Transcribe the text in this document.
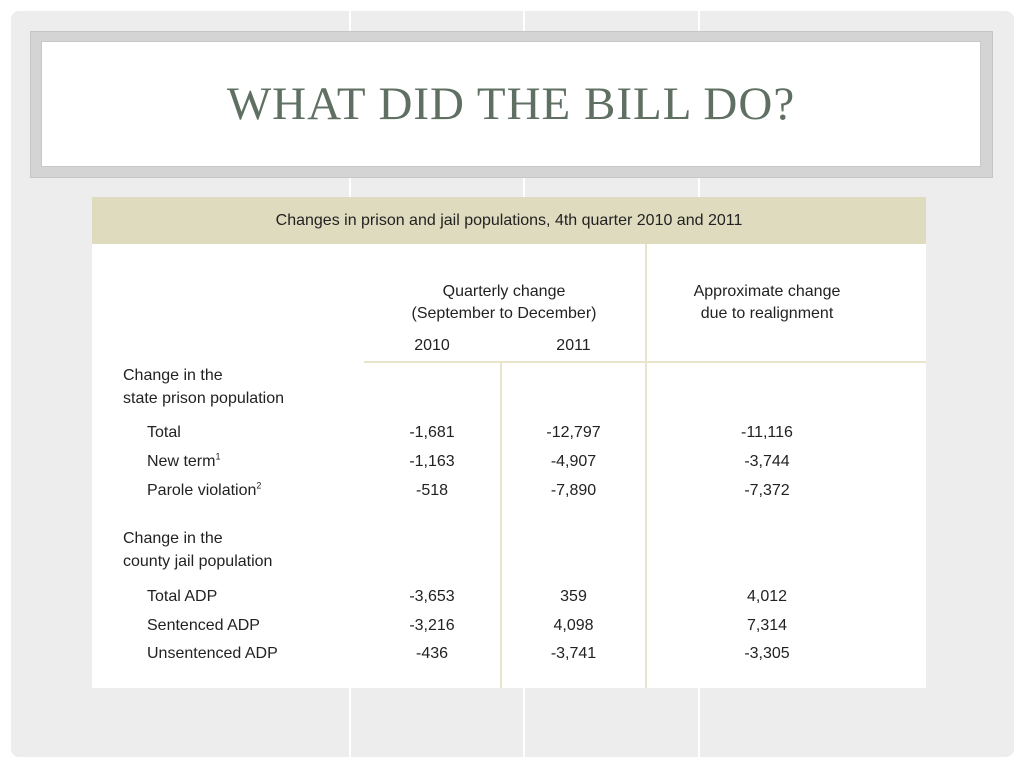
WHAT DID THE BILL DO?
Changes in prison and jail populations, 4th quarter 2010 and 2011
Quarterly change
(September to December)
2010	2011
Approximate change
due to realignment
Change in the
state prison population
Total	-1,681	-12,797	-11,116
New term$^1$	-1,163	-4,907	-3,744
Parole violation$^2$	-518	-7,890	-7,372
Change in the
county jail population
Total ADP	-3,653	359	4,012
Sentenced ADP	-3,216	4,098	7,314
Unsentenced ADP	-436	-3,741	-3,305
